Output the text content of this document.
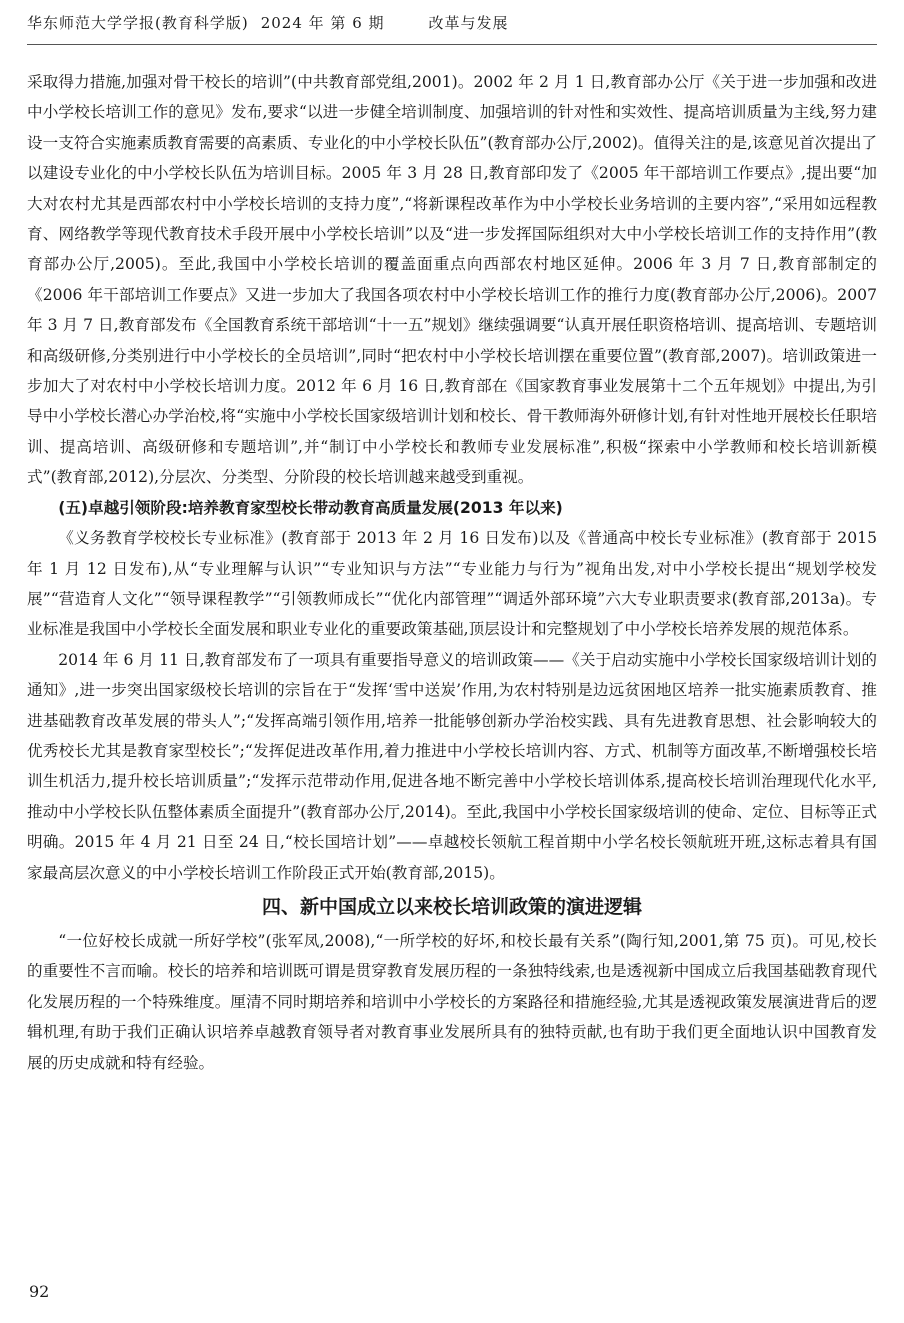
华东师范大学学报(教育科学版) 2024 年 第 6 期	改革与发展

采取得力措施,加强对骨干校长的培训”(中共教育部党组,2001)。2002 年 2 月 1 日,教育部办公厅《关于进一步加强和改进中小学校长培训工作的意见》发布,要求“以进一步健全培训制度、加强培训的针对性和实效性、提高培训质量为主线,努力建设一支符合实施素质教育需要的高素质、专业化的中小学校长队伍”(教育部办公厅,2002)。值得关注的是,该意见首次提出了以建设专业化的中小学校长队伍为培训目标。2005 年 3 月 28 日,教育部印发了《2005 年干部培训工作要点》,提出要“加大对农村尤其是西部农村中小学校长培训的支持力度”,“将新课程改革作为中小学校长业务培训的主要内容”,“采用如远程教育、网络教学等现代教育技术手段开展中小学校长培训”以及“进一步发挥国际组织对大中小学校长培训工作的支持作用”(教育部办公厅,2005)。至此,我国中小学校长培训的覆盖面重点向西部农村地区延伸。2006 年 3 月 7 日,教育部制定的《2006 年干部培训工作要点》又进一步加大了我国各项农村中小学校长培训工作的推行力度(教育部办公厅,2006)。2007 年 3 月 7 日,教育部发布《全国教育系统干部培训“十一五”规划》继续强调要“认真开展任职资格培训、提高培训、专题培训和高级研修,分类别进行中小学校长的全员培训”,同时“把农村中小学校长培训摆在重要位置”(教育部,2007)。培训政策进一步加大了对农村中小学校长培训力度。2012 年 6 月 16 日,教育部在《国家教育事业发展第十二个五年规划》中提出,为引导中小学校长潜心办学治校,将“实施中小学校长国家级培训计划和校长、骨干教师海外研修计划,有针对性地开展校长任职培训、提高培训、高级研修和专题培训”,并“制订中小学校长和教师专业发展标准”,积极“探索中小学教师和校长培训新模式”(教育部,2012),分层次、分类型、分阶段的校长培训越来越受到重视。

(五)卓越引领阶段:培养教育家型校长带动教育高质量发展(2013 年以来)

《义务教育学校校长专业标准》(教育部于 2013 年 2 月 16 日发布)以及《普通高中校长专业标准》(教育部于 2015 年 1 月 12 日发布),从“专业理解与认识”“专业知识与方法”“专业能力与行为”视角出发,对中小学校长提出“规划学校发展”“营造育人文化”“领导课程教学”“引领教师成长”“优化内部管理”“调适外部环境”六大专业职责要求(教育部,2013a)。专业标准是我国中小学校长全面发展和职业专业化的重要政策基础,顶层设计和完整规划了中小学校长培养发展的规范体系。

2014 年 6 月 11 日,教育部发布了一项具有重要指导意义的培训政策——《关于启动实施中小学校长国家级培训计划的通知》,进一步突出国家级校长培训的宗旨在于“发挥‘雪中送炭’作用,为农村特别是边远贫困地区培养一批实施素质教育、推进基础教育改革发展的带头人”;“发挥高端引领作用,培养一批能够创新办学治校实践、具有先进教育思想、社会影响较大的优秀校长尤其是教育家型校长”;“发挥促进改革作用,着力推进中小学校长培训内容、方式、机制等方面改革,不断增强校长培训生机活力,提升校长培训质量”;“发挥示范带动作用,促进各地不断完善中小学校长培训体系,提高校长培训治理现代化水平,推动中小学校长队伍整体素质全面提升”(教育部办公厅,2014)。至此,我国中小学校长国家级培训的使命、定位、目标等正式明确。2015 年 4 月 21 日至 24 日,“校长国培计划”——卓越校长领航工程首期中小学名校长领航班开班,这标志着具有国家最高层次意义的中小学校长培训工作阶段正式开始(教育部,2015)。

四、新中国成立以来校长培训政策的演进逻辑

“一位好校长成就一所好学校”(张军凤,2008),“一所学校的好坏,和校长最有关系”(陶行知,2001,第 75 页)。可见,校长的重要性不言而喻。校长的培养和培训既可谓是贯穿教育发展历程的一条独特线索,也是透视新中国成立后我国基础教育现代化发展历程的一个特殊维度。厘清不同时期培养和培训中小学校长的方案路径和措施经验,尤其是透视政策发展演进背后的逻辑机理,有助于我们正确认识培养卓越教育领导者对教育事业发展所具有的独特贡献,也有助于我们更全面地认识中国教育发展的历史成就和特有经验。

92
